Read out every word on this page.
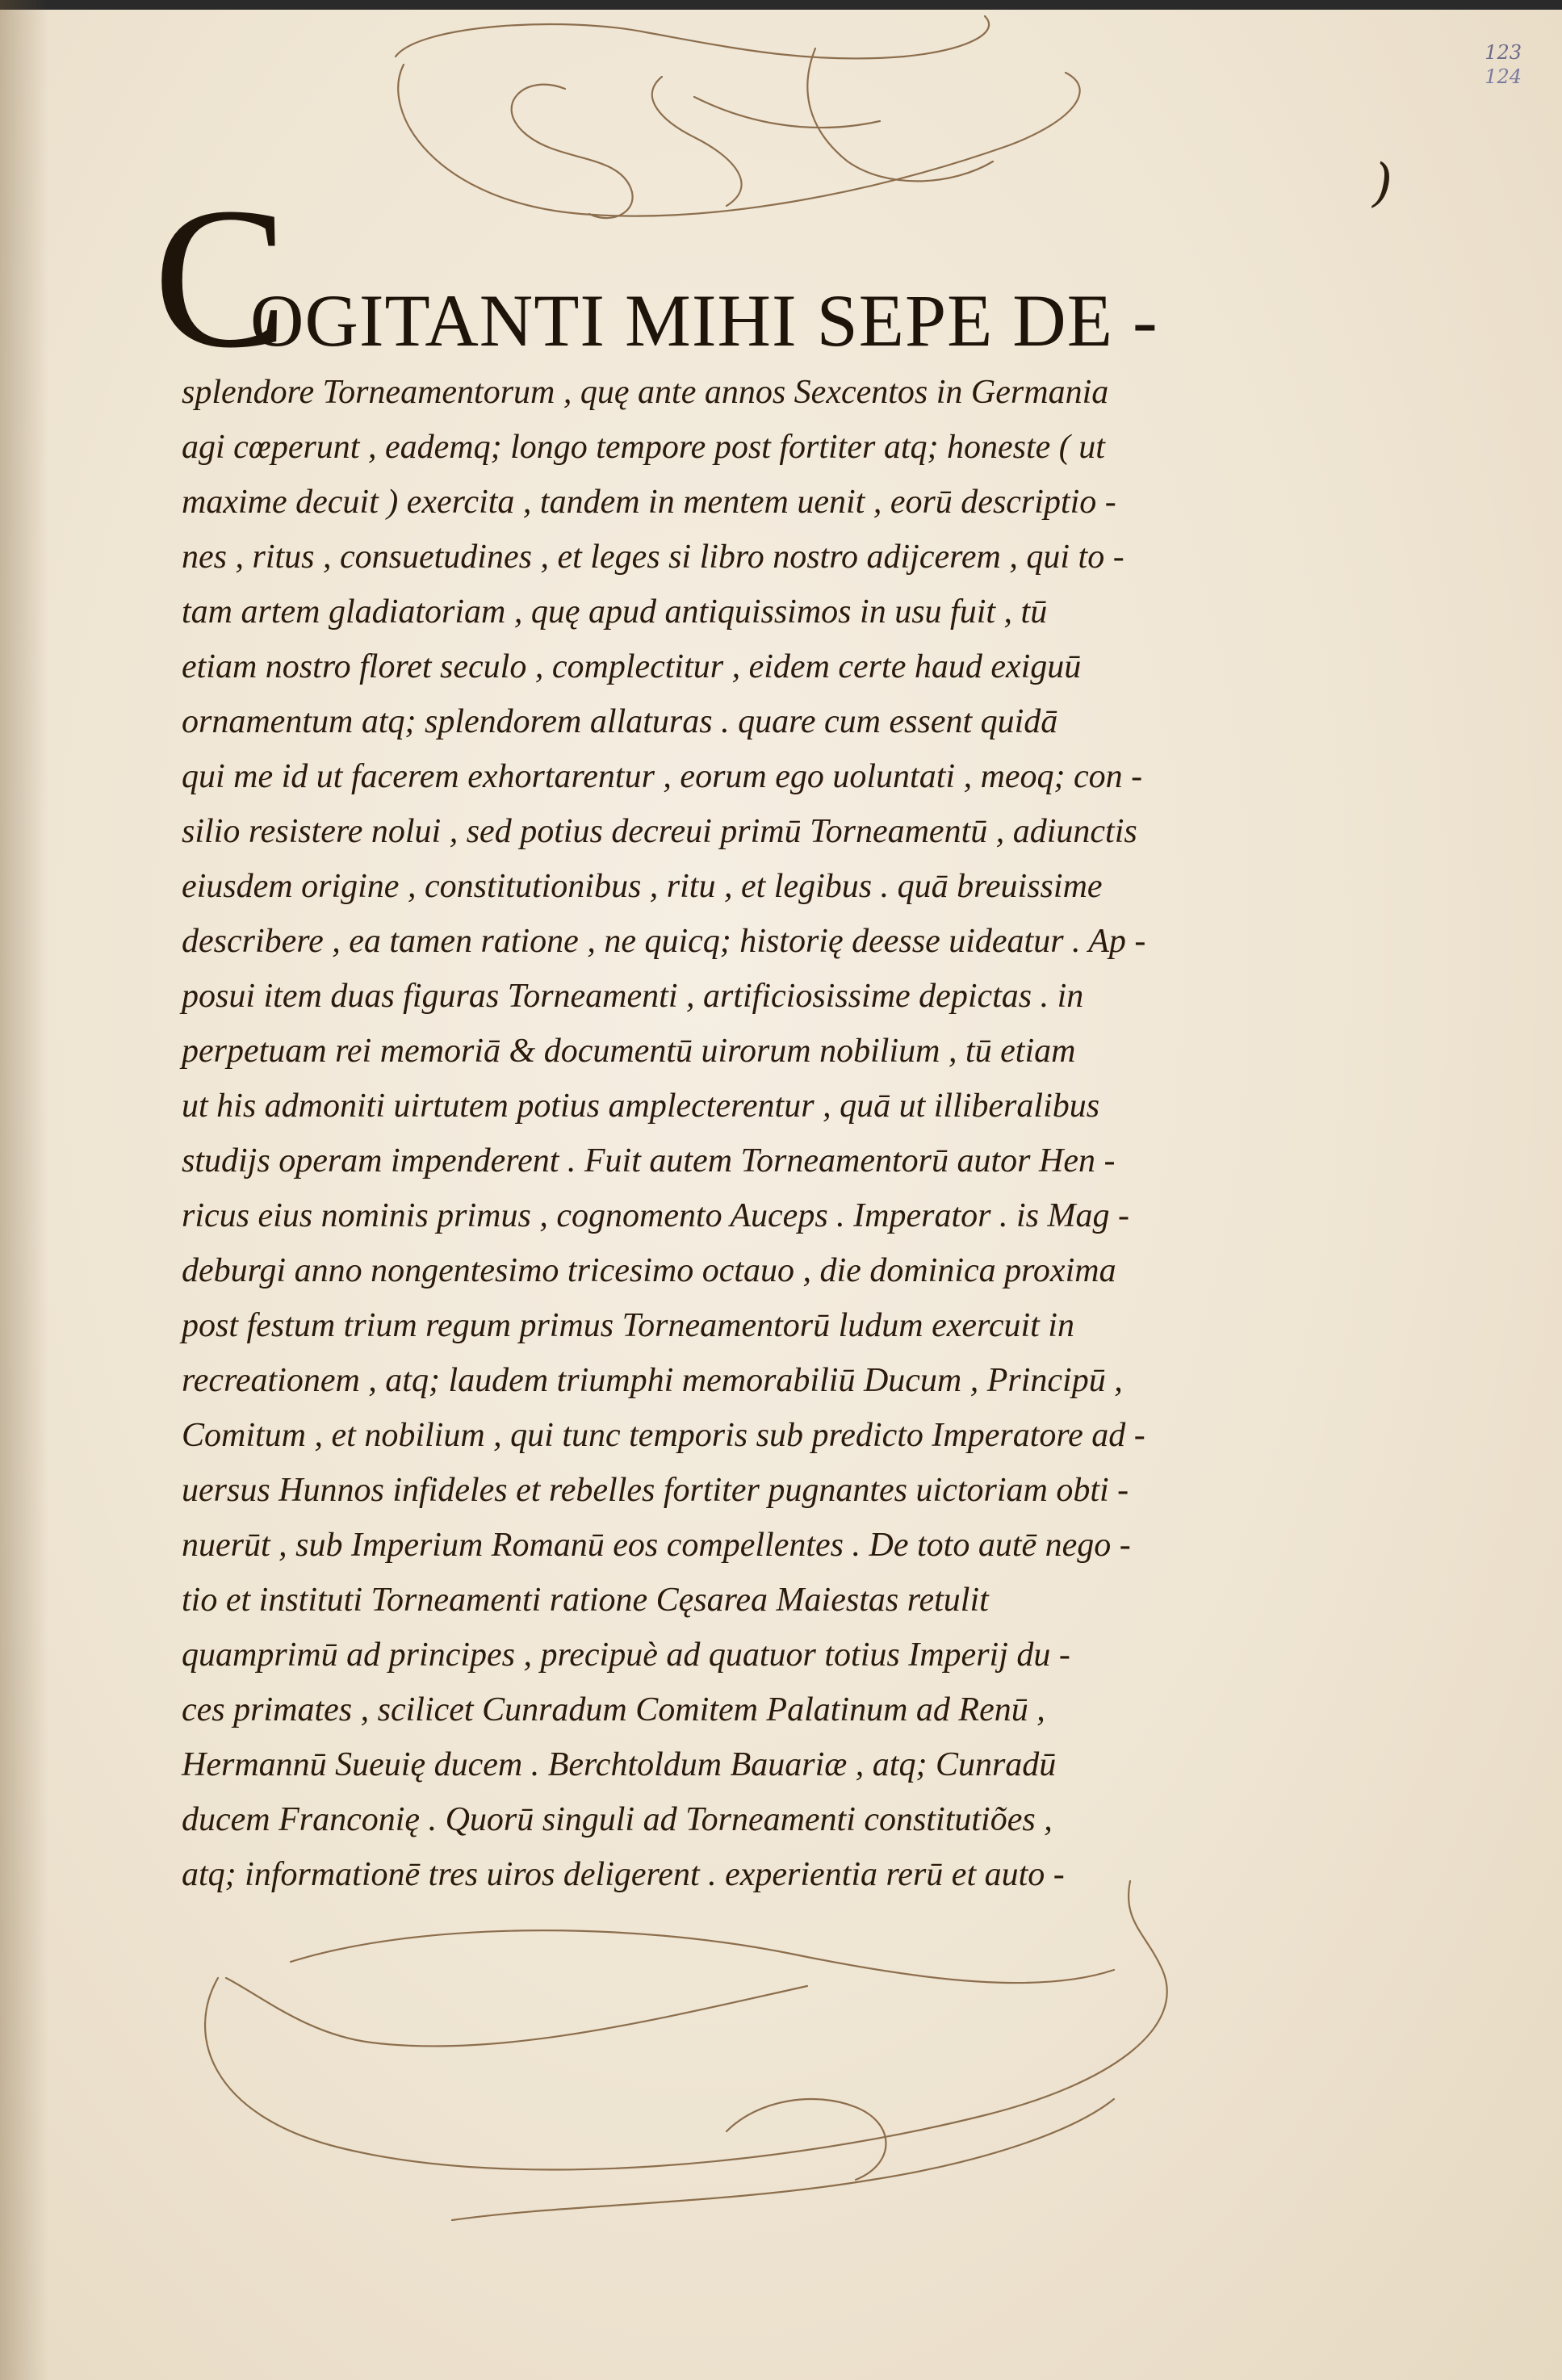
123
124
)
C
OGITANTI MIHI SEPE DE -
splendore Torneamentorum , quę ante annos Sexcentos in Germania
agi cœperunt , eademq; longo tempore post fortiter atq; honeste ( ut
maxime decuit ) exercita , tandem in mentem uenit , eorū descriptio -
nes , ritus , consuetudines , et leges si libro nostro adijcerem , qui to -
tam artem gladiatoriam , quę apud antiquissimos in usu fuit , tū
etiam nostro floret seculo , complectitur , eidem certe haud exiguū
ornamentum atq; splendorem allaturas . quare cum essent quidā
qui me id ut facerem exhortarentur , eorum ego uoluntati , meoq; con -
silio resistere nolui , sed potius decreui primū Torneamentū , adiunctis
eiusdem origine , constitutionibus , ritu , et legibus . quā breuissime
describere , ea tamen ratione , ne quicq; historię deesse uideatur . Ap -
posui item duas figuras Torneamenti , artificiosissime depictas . in
perpetuam rei memoriā & documentū uirorum nobilium , tū etiam
ut his admoniti uirtutem potius amplecterentur , quā ut illiberalibus
studijs operam impenderent . Fuit autem Torneamentorū autor Hen -
ricus eius nominis primus , cognomento Auceps . Imperator . is Mag -
deburgi anno nongentesimo tricesimo octauo , die dominica proxima
post festum trium regum primus Torneamentorū ludum exercuit in
recreationem , atq; laudem triumphi memorabiliū Ducum , Principū ,
Comitum , et nobilium , qui tunc temporis sub predicto Imperatore ad -
uersus Hunnos infideles et rebelles fortiter pugnantes uictoriam obti -
nuerūt , sub Imperium Romanū eos compellentes . De toto autē nego -
tio et instituti Torneamenti ratione Cęsarea Maiestas retulit
quamprimū ad principes , precipuè ad quatuor totius Imperij du -
ces primates , scilicet Cunradum Comitem Palatinum ad Renū ,
Hermannū Sueuię ducem . Berchtoldum Bauariæ , atq; Cunradū
ducem Franconię . Quorū singuli ad Torneamenti constitutiões ,
atq; informationē tres uiros deligerent . experientia rerū et auto -
